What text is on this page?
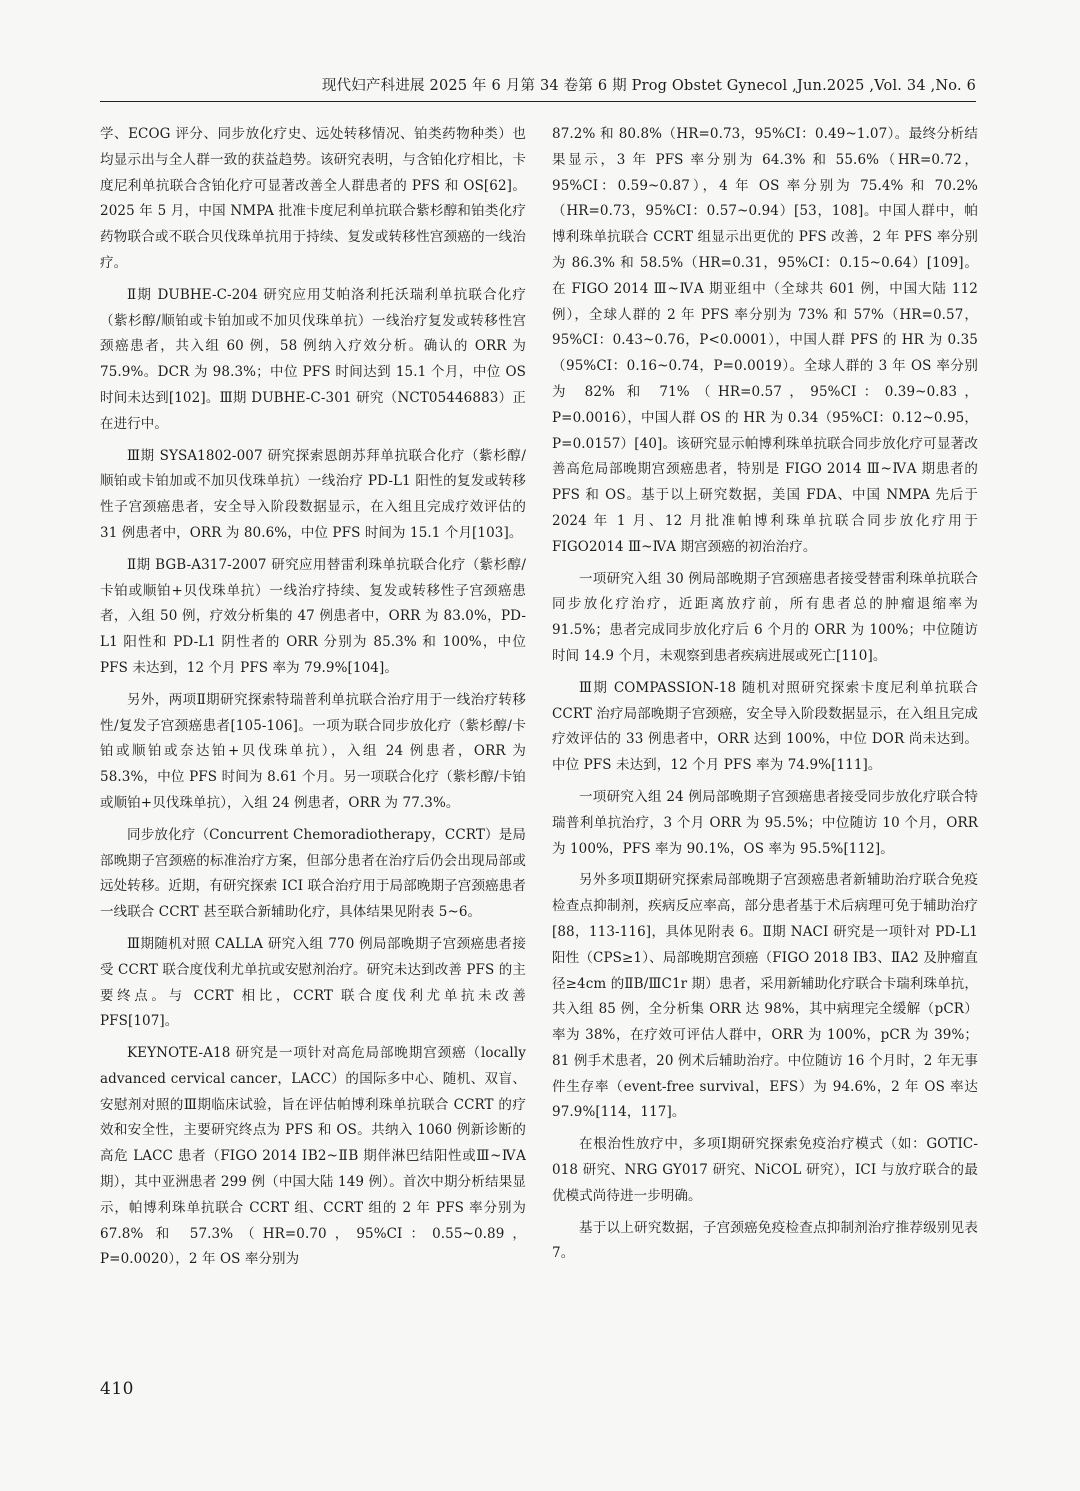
现代妇产科进展 2025 年 6 月第 34 卷第 6 期 Prog Obstet Gynecol ,Jun.2025 ,Vol. 34 ,No. 6

学、ECOG 评分、同步放化疗史、远处转移情况、铂类药物种类）也均显示出与全人群一致的获益趋势。该研究表明，与含铂化疗相比，卡度尼利单抗联合含铂化疗可显著改善全人群患者的 PFS 和 OS[62]。2025 年 5 月，中国 NMPA 批准卡度尼利单抗联合紫杉醇和铂类化疗药物联合或不联合贝伐珠单抗用于持续、复发或转移性宫颈癌的一线治疗。

Ⅱ期 DUBHE-C-204 研究应用艾帕洛利托沃瑞利单抗联合化疗（紫杉醇/顺铂或卡铂加或不加贝伐珠单抗）一线治疗复发或转移性宫颈癌患者，共入组 60 例，58 例纳入疗效分析。确认的 ORR 为 75.9%。DCR 为 98.3%；中位 PFS 时间达到 15.1 个月，中位 OS 时间未达到[102]。Ⅲ期 DUBHE-C-301 研究（NCT05446883）正在进行中。

Ⅲ期 SYSA1802-007 研究探索恩朗苏拜单抗联合化疗（紫杉醇/顺铂或卡铂加或不加贝伐珠单抗）一线治疗 PD-L1 阳性的复发或转移性子宫颈癌患者，安全导入阶段数据显示，在入组且完成疗效评估的 31 例患者中，ORR 为 80.6%，中位 PFS 时间为 15.1 个月[103]。

Ⅱ期 BGB-A317-2007 研究应用替雷利珠单抗联合化疗（紫杉醇/卡铂或顺铂+贝伐珠单抗）一线治疗持续、复发或转移性子宫颈癌患者，入组 50 例，疗效分析集的 47 例患者中，ORR 为 83.0%，PD-L1 阳性和 PD-L1 阴性者的 ORR 分别为 85.3% 和 100%，中位 PFS 未达到，12 个月 PFS 率为 79.9%[104]。

另外，两项Ⅱ期研究探索特瑞普利单抗联合治疗用于一线治疗转移性/复发子宫颈癌患者[105-106]。一项为联合同步放化疗（紫杉醇/卡铂或顺铂或奈达铂+贝伐珠单抗），入组 24 例患者，ORR 为 58.3%，中位 PFS 时间为 8.61 个月。另一项联合化疗（紫杉醇/卡铂或顺铂+贝伐珠单抗），入组 24 例患者，ORR 为 77.3%。

同步放化疗（Concurrent Chemoradiotherapy，CCRT）是局部晚期子宫颈癌的标准治疗方案，但部分患者在治疗后仍会出现局部或远处转移。近期，有研究探索 ICI 联合治疗用于局部晚期子宫颈癌患者一线联合 CCRT 甚至联合新辅助化疗，具体结果见附表 5~6。

Ⅲ期随机对照 CALLA 研究入组 770 例局部晚期子宫颈癌患者接受 CCRT 联合度伐利尤单抗或安慰剂治疗。研究未达到改善 PFS 的主要终点。与 CCRT 相比，CCRT 联合度伐利尤单抗未改善 PFS[107]。

KEYNOTE-A18 研究是一项针对高危局部晚期宫颈癌（locally advanced cervical cancer，LACC）的国际多中心、随机、双盲、安慰剂对照的Ⅲ期临床试验，旨在评估帕博利珠单抗联合 CCRT 的疗效和安全性，主要研究终点为 PFS 和 OS。共纳入 1060 例新诊断的高危 LACC 患者（FIGO 2014 ⅠB2~ⅡB 期伴淋巴结阳性或Ⅲ~ⅣA 期），其中亚洲患者 299 例（中国大陆 149 例）。首次中期分析结果显示，帕博利珠单抗联合 CCRT 组、CCRT 组的 2 年 PFS 率分别为 67.8% 和 57.3%（HR=0.70，95%CI：0.55~0.89，P=0.0020），2 年 OS 率分别为

87.2% 和 80.8%（HR=0.73，95%CI：0.49~1.07）。最终分析结果显示，3 年 PFS 率分别为 64.3% 和 55.6%（HR=0.72，95%CI：0.59~0.87），4 年 OS 率分别为 75.4% 和 70.2%（HR=0.73，95%CI：0.57~0.94）[53，108]。中国人群中，帕博利珠单抗联合 CCRT 组显示出更优的 PFS 改善，2 年 PFS 率分别为 86.3% 和 58.5%（HR=0.31，95%CI：0.15~0.64）[109]。在 FIGO 2014 Ⅲ~ⅣA 期亚组中（全球共 601 例，中国大陆 112 例），全球人群的 2 年 PFS 率分别为 73% 和 57%（HR=0.57，95%CI：0.43~0.76，P<0.0001），中国人群 PFS 的 HR 为 0.35（95%CI：0.16~0.74，P=0.0019）。全球人群的 3 年 OS 率分别为 82% 和 71%（HR=0.57，95%CI：0.39~0.83，P=0.0016），中国人群 OS 的 HR 为 0.34（95%CI：0.12~0.95，P=0.0157）[40]。该研究显示帕博利珠单抗联合同步放化疗可显著改善高危局部晚期宫颈癌患者，特别是 FIGO 2014 Ⅲ~ⅣA 期患者的 PFS 和 OS。基于以上研究数据，美国 FDA、中国 NMPA 先后于 2024 年 1 月、12 月批准帕博利珠单抗联合同步放化疗用于 FIGO2014 Ⅲ~ⅣA 期宫颈癌的初治治疗。

一项研究入组 30 例局部晚期子宫颈癌患者接受替雷利珠单抗联合同步放化疗治疗，近距离放疗前，所有患者总的肿瘤退缩率为 91.5%；患者完成同步放化疗后 6 个月的 ORR 为 100%；中位随访时间 14.9 个月，未观察到患者疾病进展或死亡[110]。

Ⅲ期 COMPASSION-18 随机对照研究探索卡度尼利单抗联合 CCRT 治疗局部晚期子宫颈癌，安全导入阶段数据显示，在入组且完成疗效评估的 33 例患者中，ORR 达到 100%，中位 DOR 尚未达到。中位 PFS 未达到，12 个月 PFS 率为 74.9%[111]。

一项研究入组 24 例局部晚期子宫颈癌患者接受同步放化疗联合特瑞普利单抗治疗，3 个月 ORR 为 95.5%；中位随访 10 个月，ORR 为 100%，PFS 率为 90.1%，OS 率为 95.5%[112]。

另外多项Ⅱ期研究探索局部晚期子宫颈癌患者新辅助治疗联合免疫检查点抑制剂，疾病反应率高，部分患者基于术后病理可免于辅助治疗[88，113-116]，具体见附表 6。Ⅱ期 NACI 研究是一项针对 PD-L1 阳性（CPS≥1）、局部晚期宫颈癌（FIGO 2018 ⅠB3、ⅡA2 及肿瘤直径≥4cm 的ⅡB/ⅢC1r 期）患者，采用新辅助化疗联合卡瑞利珠单抗，共入组 85 例，全分析集 ORR 达 98%，其中病理完全缓解（pCR）率为 38%，在疗效可评估人群中，ORR 为 100%，pCR 为 39%；81 例手术患者，20 例术后辅助治疗。中位随访 16 个月时，2 年无事件生存率（event-free survival，EFS）为 94.6%，2 年 OS 率达 97.9%[114，117]。

在根治性放疗中，多项Ⅰ期研究探索免疫治疗模式（如：GOTIC-018 研究、NRG GY017 研究、NiCOL 研究），ICI 与放疗联合的最优模式尚待进一步明确。

基于以上研究数据，子宫颈癌免疫检查点抑制剂治疗推荐级别见表 7。

410
